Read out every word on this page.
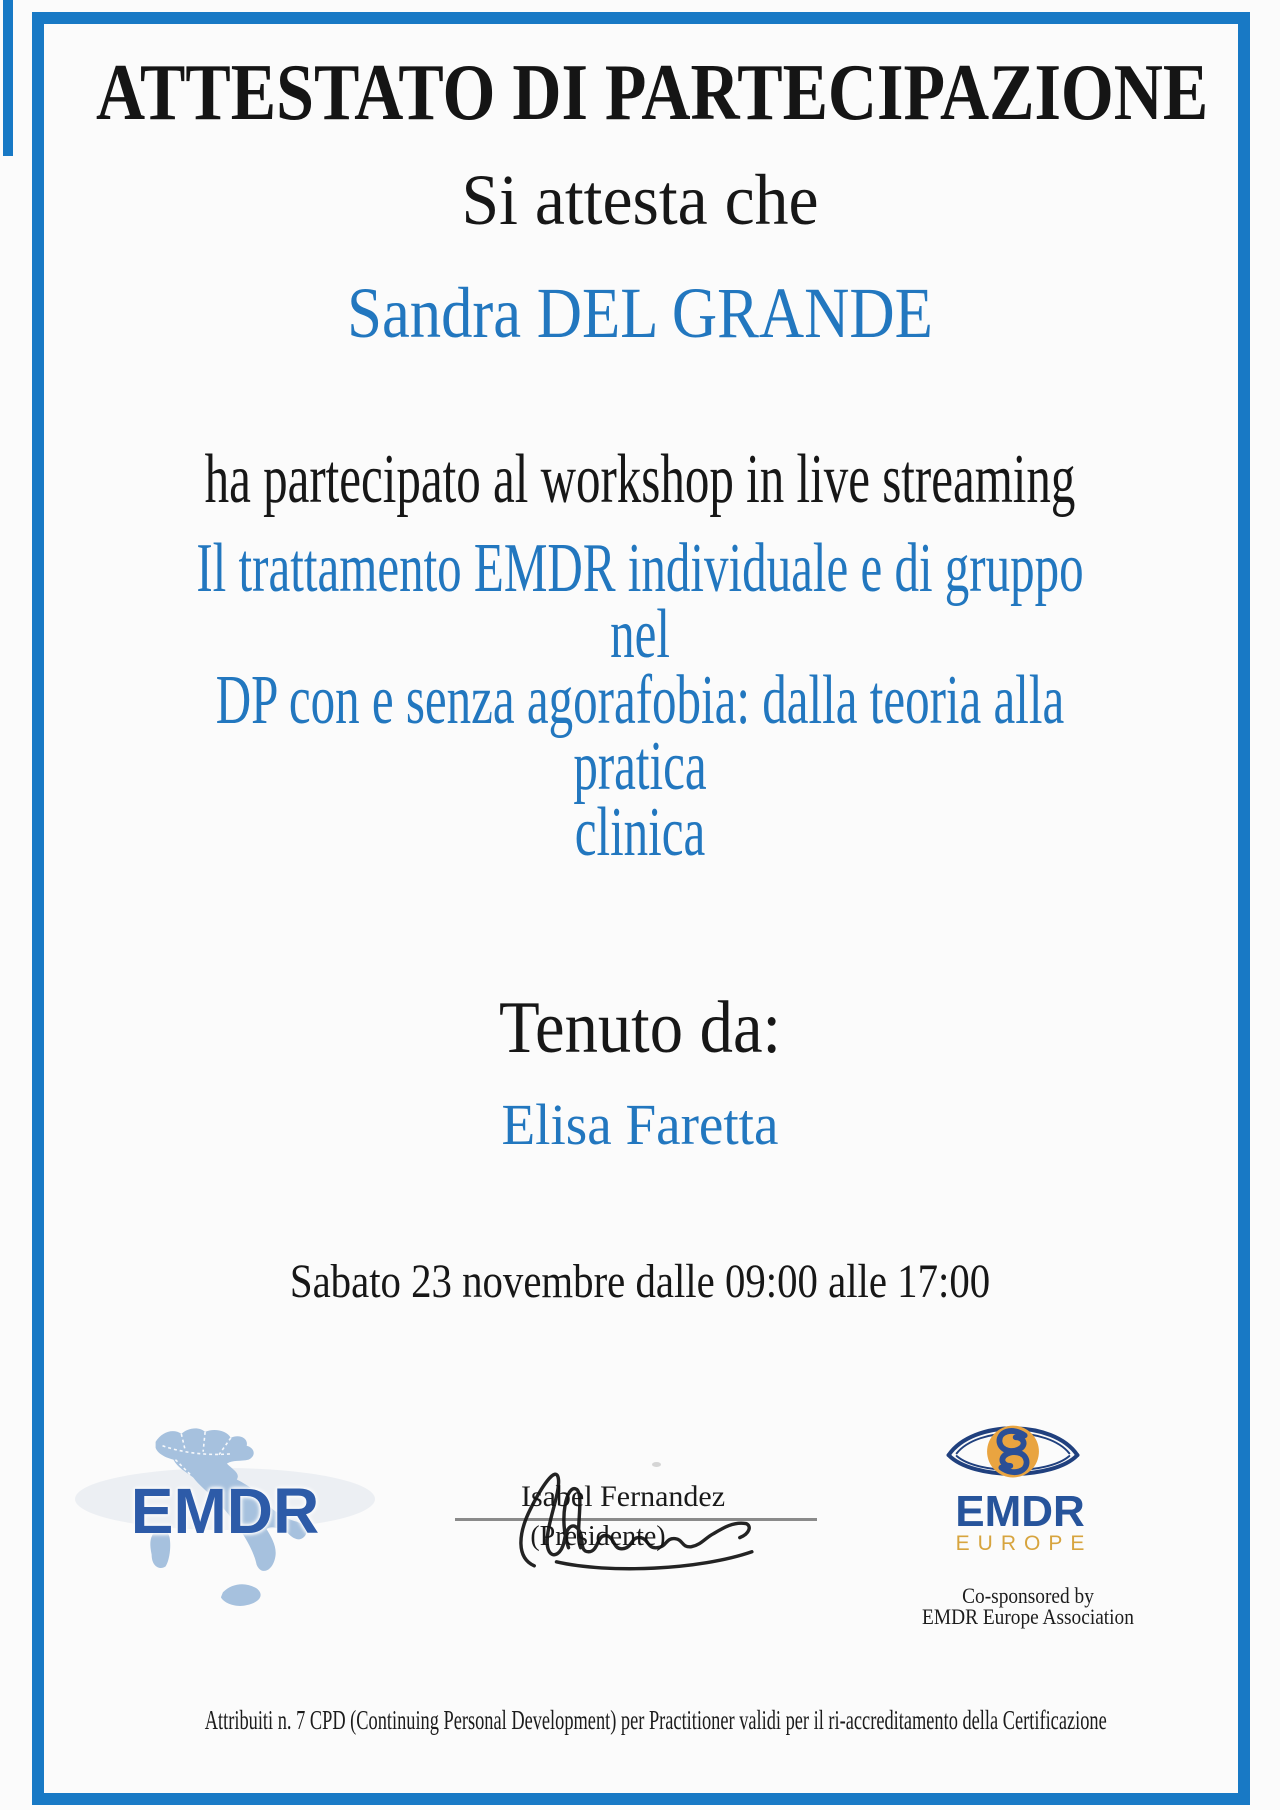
ATTESTATO DI PARTECIPAZIONE
Si attesta che
Sandra DEL GRANDE
ha partecipato al workshop in live streaming
Il trattamento EMDR individuale e di gruppo nel
DP con e senza agorafobia: dalla teoria alla pratica
clinica
Tenuto da:
Elisa Faretta
Sabato 23 novembre dalle 09:00 alle 17:00
EMDR	Isabel Fernandez
(Presidente)
EMDR
EUROPE
Co-sponsored by
EMDR Europe Association
Attribuiti n. 7 CPD (Continuing Personal Development) per Practitioner validi per il ri-accreditamento della Certificazione
